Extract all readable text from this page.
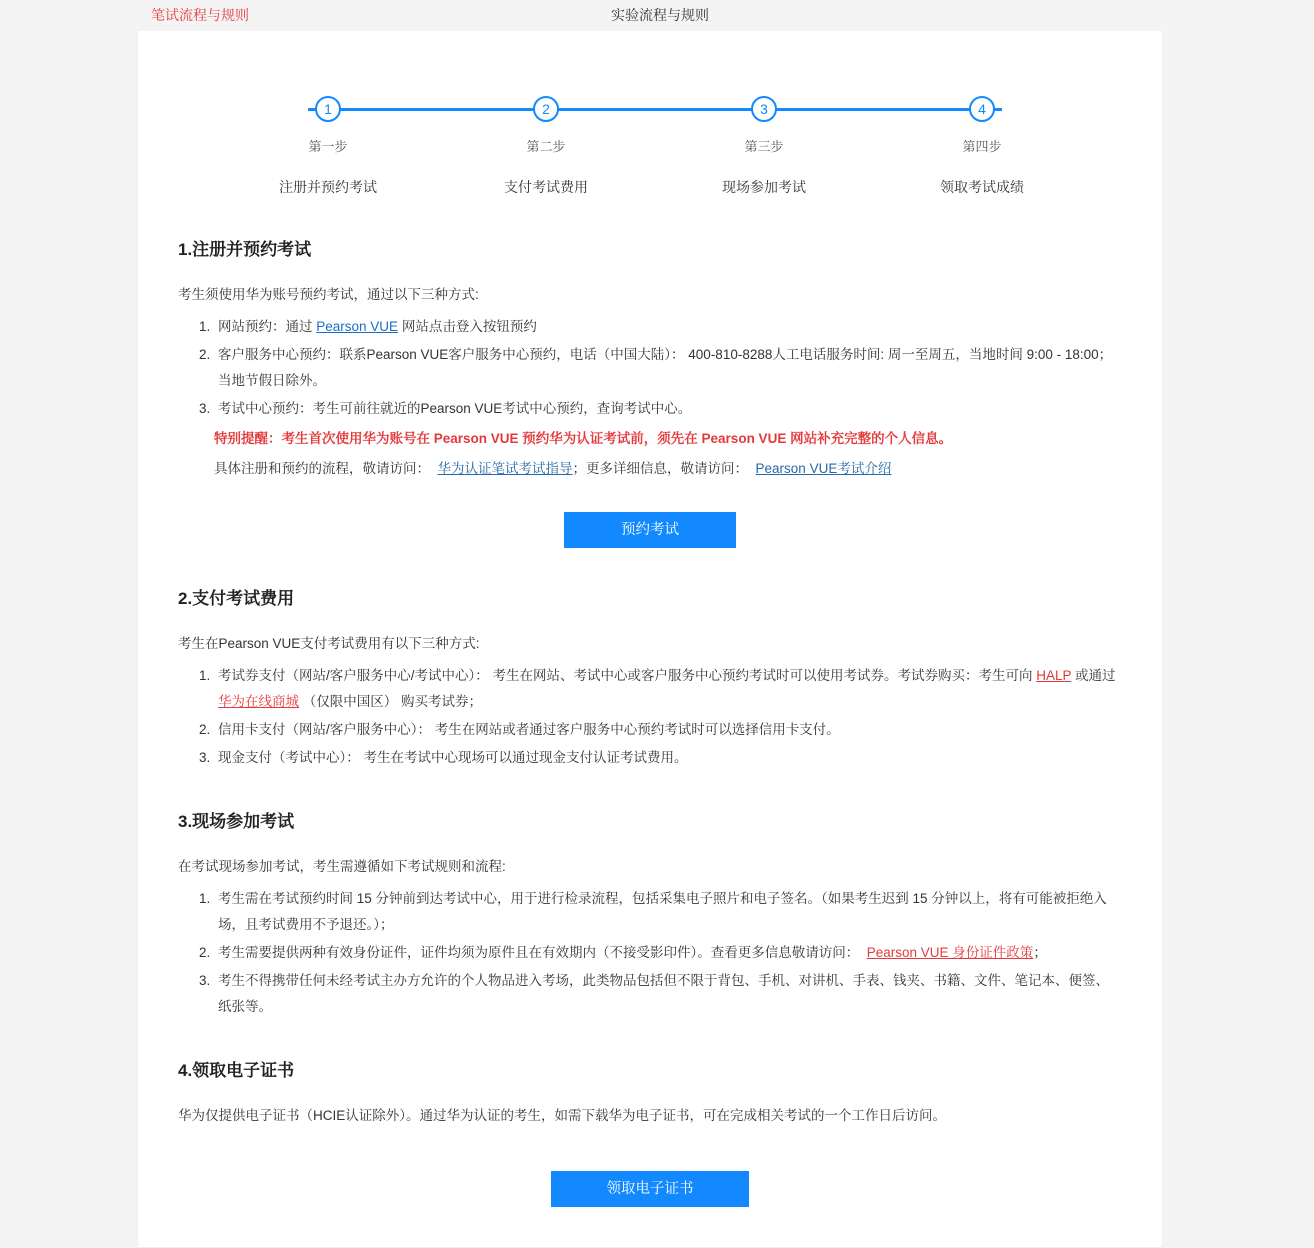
笔试流程与规则	实验流程与规则
1
第一步
注册并预约考试
2
第二步
支付考试费用
3
第三步
现场参加考试
4
第四步
领取考试成绩
1.注册并预约考试

考生须使用华为账号预约考试，通过以下三种方式:

1. 网站预约：通过 Pearson VUE 网站点击登入按钮预约
2. 客户服务中心预约：联系Pearson VUE客户服务中心预约，电话（中国大陆）： 400-810-8288人工电话服务时间: 周一至周五，当地时间 9:00 - 18:00；当地节假日除外。
3. 考试中心预约：考生可前往就近的Pearson VUE考试中心预约，查询考试中心。
特别提醒：考生首次使用华为账号在 Pearson VUE 预约华为认证考试前，须先在 Pearson VUE 网站补充完整的个人信息。
具体注册和预约的流程，敬请访问： 华为认证笔试考试指导；更多详细信息，敬请访问： Pearson VUE考试介绍
预约考试
2.支付考试费用

考生在Pearson VUE支付考试费用有以下三种方式:

1. 考试券支付（网站/客户服务中心/考试中心）： 考生在网站、考试中心或客户服务中心预约考试时可以使用考试券。考试券购买：考生可向 HALP 或通过 华为在线商城 （仅限中国区） 购买考试券；
2. 信用卡支付（网站/客户服务中心）： 考生在网站或者通过客户服务中心预约考试时可以选择信用卡支付。
3. 现金支付（考试中心）： 考生在考试中心现场可以通过现金支付认证考试费用。
3.现场参加考试

在考试现场参加考试，考生需遵循如下考试规则和流程:

1. 考生需在考试预约时间 15 分钟前到达考试中心，用于进行检录流程，包括采集电子照片和电子签名。（如果考生迟到 15 分钟以上，将有可能被拒绝入场，且考试费用不予退还。）；
2. 考生需要提供两种有效身份证件，证件均须为原件且在有效期内（不接受影印件）。查看更多信息敬请访问： Pearson VUE 身份证件政策；
3. 考生不得携带任何未经考试主办方允许的个人物品进入考场，此类物品包括但不限于背包、手机、对讲机、手表、钱夹、书籍、文件、笔记本、便签、纸张等。
4.领取电子证书

华为仅提供电子证书（HCIE认证除外）。通过华为认证的考生，如需下载华为电子证书，可在完成相关考试的一个工作日后访问。

领取电子证书
